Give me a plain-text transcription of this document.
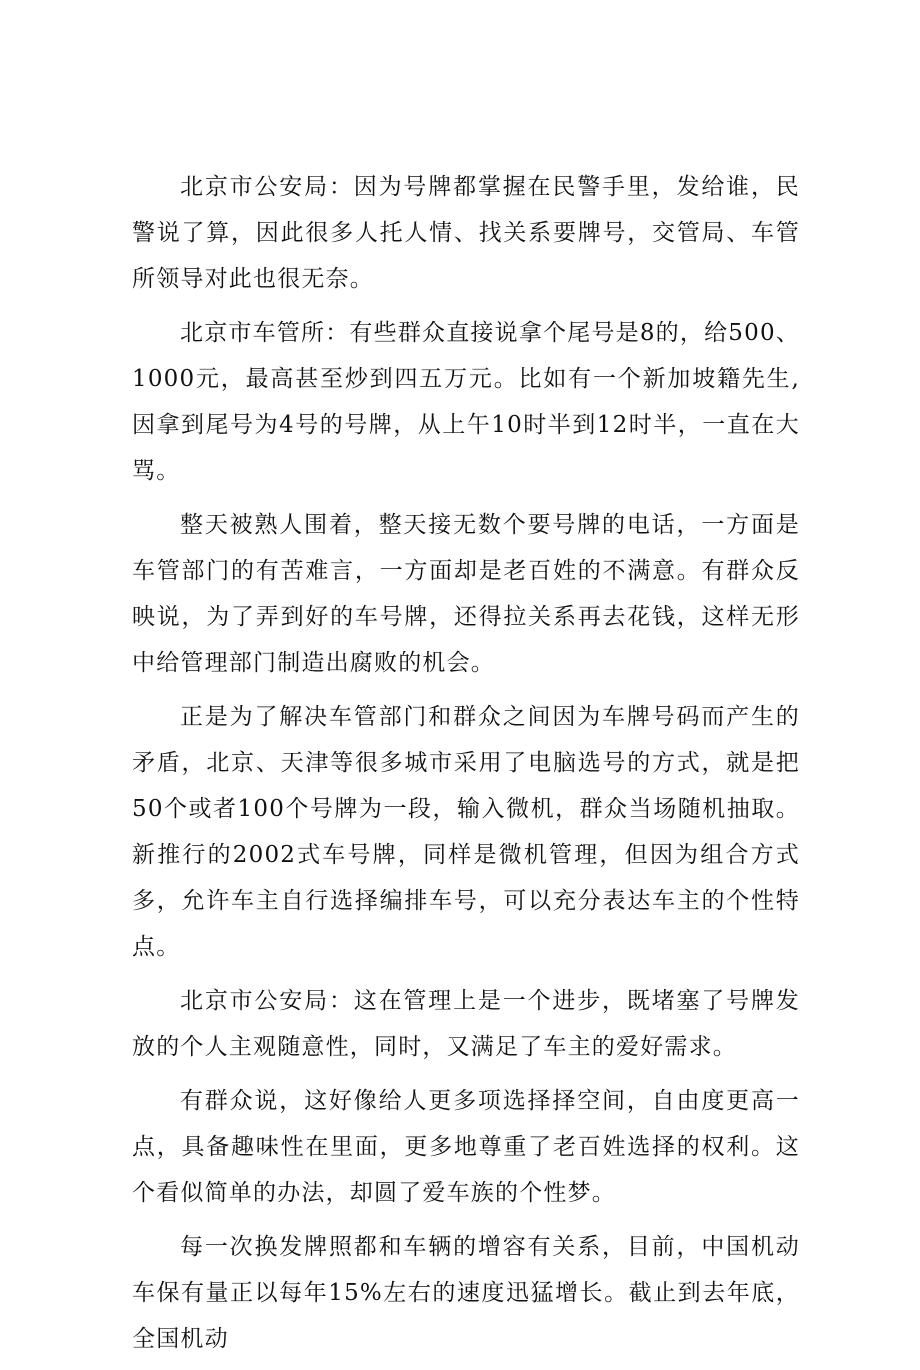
北京市公安局：因为号牌都掌握在民警手里，发给谁，民警说了算，因此很多人托人情、找关系要牌号，交管局、车管所领导对此也很无奈。

北京市车管所：有些群众直接说拿个尾号是8的，给500、1000元，最高甚至炒到四五万元。比如有一个新加坡籍先生,因拿到尾号为4号的号牌，从上午10时半到12时半，一直在大骂。

整天被熟人围着，整天接无数个要号牌的电话，一方面是车管部门的有苦难言，一方面却是老百姓的不满意。有群众反映说，为了弄到好的车号牌，还得拉关系再去花钱，这样无形中给管理部门制造出腐败的机会。

正是为了解决车管部门和群众之间因为车牌号码而产生的矛盾，北京、天津等很多城市采用了电脑选号的方式，就是把50个或者100个号牌为一段，输入微机，群众当场随机抽取。新推行的2002式车号牌，同样是微机管理，但因为组合方式多，允许车主自行选择编排车号，可以充分表达车主的个性特点。

北京市公安局：这在管理上是一个进步，既堵塞了号牌发放的个人主观随意性，同时，又满足了车主的爱好需求。

有群众说，这好像给人更多项选择择空间，自由度更高一点，具备趣味性在里面，更多地尊重了老百姓选择的权利。这个看似简单的办法，却圆了爱车族的个性梦。

每一次换发牌照都和车辆的增容有关系，目前，中国机动车保有量正以每年15%左右的速度迅猛增长。截止到去年底，全国机动
